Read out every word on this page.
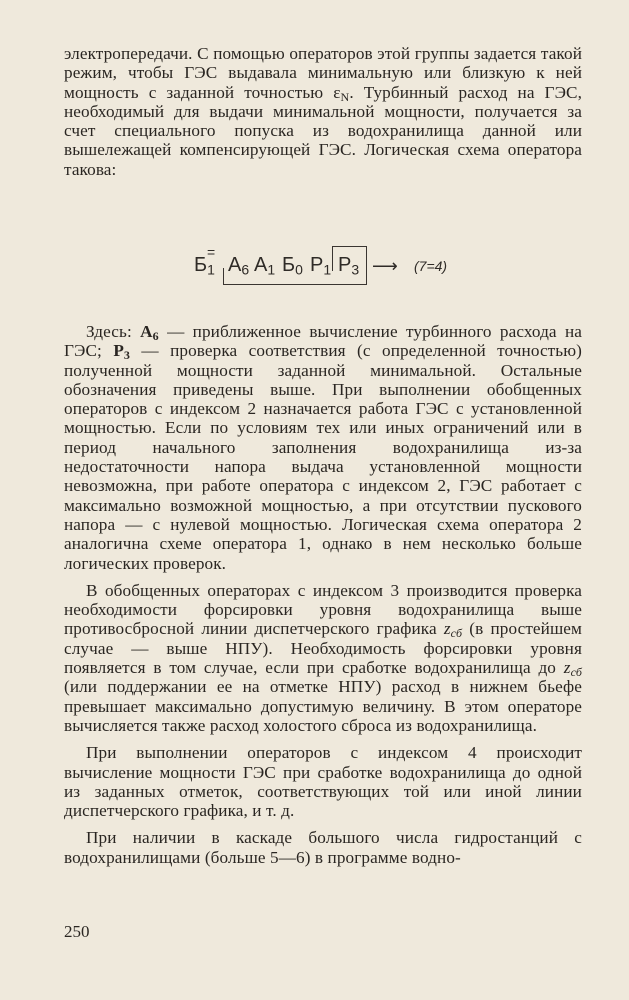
электропередачи. С помощью операторов этой группы задается такой режим, чтобы ГЭС выдавала минимальную или близкую к ней мощность с заданной точностью $\varepsilon_N$. Турбинный расход на ГЭС, необходимый для выдачи минимальной мощности, получается за счет специального попуска из водохранилища данной или вышележащей компенсирующей ГЭС. Логическая схема оператора такова:

$Б_1$
=
$А_6$ $А_1$ $Б_0$ $Р_1$ $Р_3$ ⟶ (7=4)

Здесь: $А_6$ — приближенное вычисление турбинного расхода на ГЭС; $Р_3$ — проверка соответствия (с определенной точностью) полученной мощности заданной минимальной. Остальные обозначения приведены выше. При выполнении обобщенных операторов с индексом 2 назначается работа ГЭС с установленной мощностью. Если по условиям тех или иных ограничений или в период начального заполнения водохранилища из-за недостаточности напора выдача установленной мощности невозможна, при работе оператора с индексом 2, ГЭС работает с максимально возможной мощностью, а при отсутствии пускового напора — с нулевой мощностью. Логическая схема оператора 2 аналогична схеме оператора 1, однако в нем несколько больше логических проверок.

В обобщенных операторах с индексом 3 производится проверка необходимости форсировки уровня водохранилища выше противосбросной линии диспетчерского графика $z_{сб}$ (в простейшем случае — выше НПУ). Необходимость форсировки уровня появляется в том случае, если при сработке водохранилища до $z_{сб}$ (или поддержании ее на отметке НПУ) расход в нижнем бьефе превышает максимально допустимую величину. В этом операторе вычисляется также расход холостого сброса из водохранилища.

При выполнении операторов с индексом 4 происходит вычисление мощности ГЭС при сработке водохранилища до одной из заданных отметок, соответствующих той или иной линии диспетчерского графика, и т. д.

При наличии в каскаде большого числа гидростанций с водохранилищами (больше 5—6) в программе водно-

250
